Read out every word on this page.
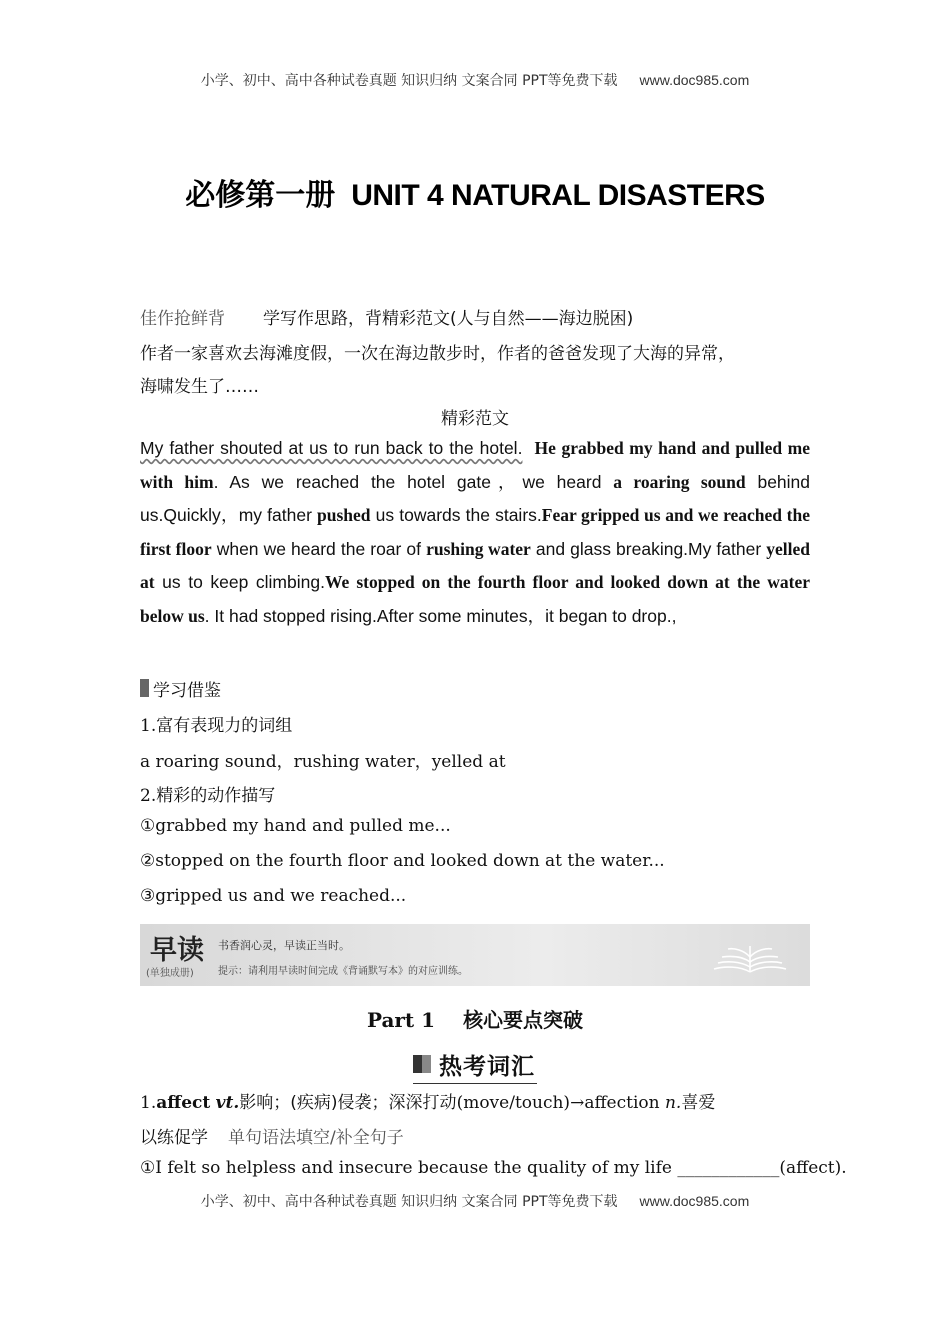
小学、初中、高中各种试卷真题 知识归纳 文案合同 PPT等免费下载 www.doc985.com
必修第一册 UNIT 4 NATURAL DISASTERS
佳作抢鲜背 学写作思路，背精彩范文(人与自然——海边脱困)
作者一家喜欢去海滩度假，一次在海边散步时，作者的爸爸发现了大海的异常，
海啸发生了……
精彩范文
My father shouted at us to run back to the hotel. He grabbed my hand and pulled me with him. As we reached the hotel gate，we heard a roaring sound behind us.Quickly，my father pushed us towards the stairs.Fear gripped us and we reached the first floor when we heard the roar of rushing water and glass breaking.My father yelled at us to keep climbing.We stopped on the fourth floor and looked down at the water below us. It had stopped rising.After some minutes，it began to drop.,
学习借鉴
1.富有表现力的词组
a roaring sound，rushing water，yelled at
2.精彩的动作描写
①grabbed my hand and pulled me...
②stopped on the fourth floor and looked down at the water...
③gripped us and we reached...
早读
(单独成册)
书香润心灵，早读正当时。
提示：请利用早读时间完成《背诵默写本》的对应训练。
Part 1 核心要点突破
热考词汇
1.affect vt.影响；(疾病)侵袭；深深打动(move/touch)→affection n.喜爱
以练促学 单句语法填空/补全句子
①I felt so helpless and insecure because the quality of my life ____________(affect).
小学、初中、高中各种试卷真题 知识归纳 文案合同 PPT等免费下载 www.doc985.com
